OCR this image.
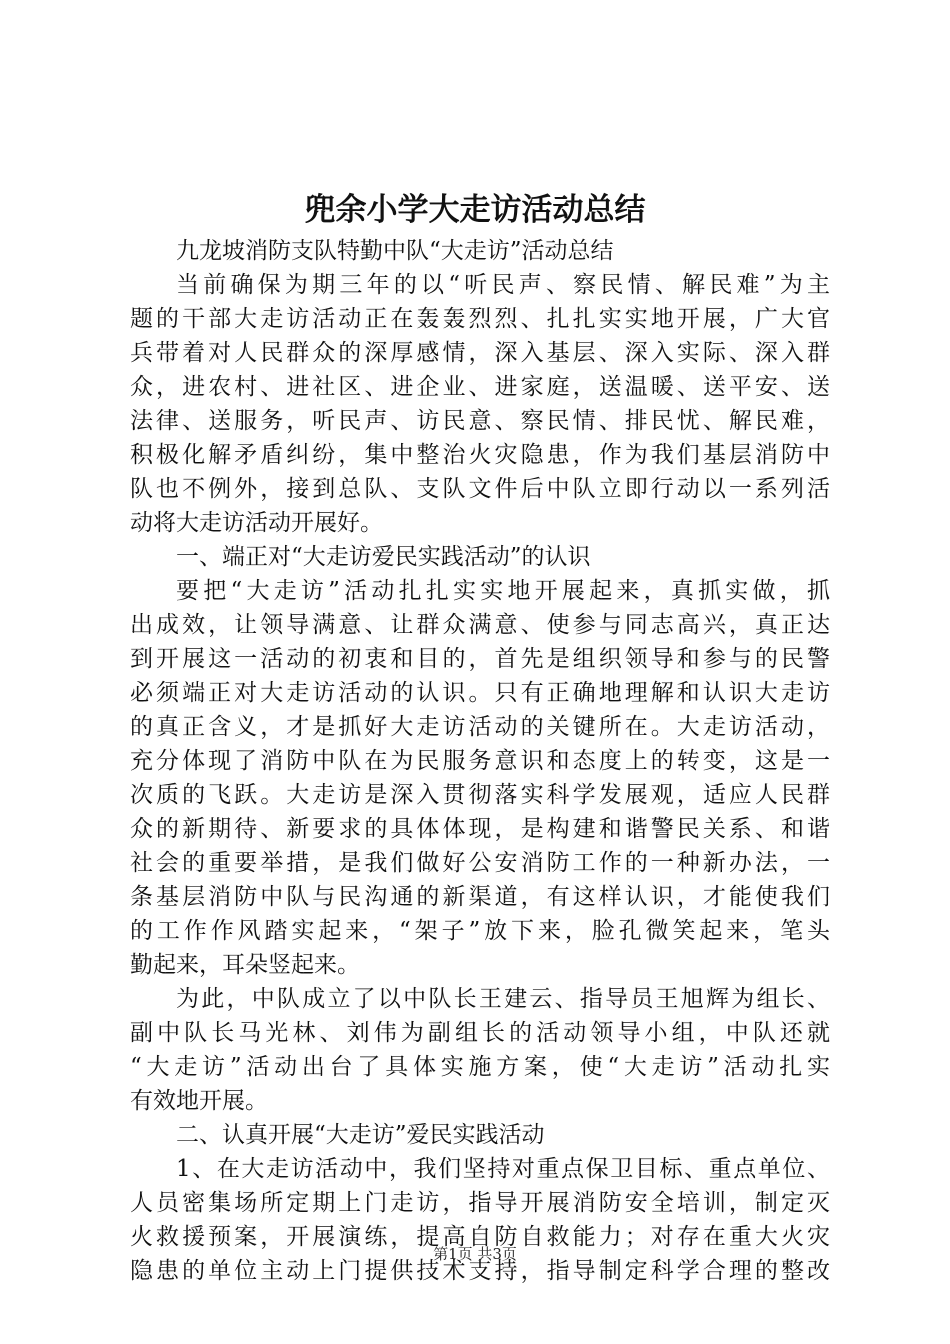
兜余小学大走访活动总结
九龙坡消防支队特勤中队“大走访”活动总结
当前确保为期三年的以“听民声、察民情、解民难”为主
题的干部大走访活动正在轰轰烈烈、扎扎实实地开展，广大官
兵带着对人民群众的深厚感情，深入基层、深入实际、深入群
众，进农村、进社区、进企业、进家庭，送温暖、送平安、送
法律、送服务，听民声、访民意、察民情、排民忧、解民难，
积极化解矛盾纠纷，集中整治火灾隐患，作为我们基层消防中
队也不例外，接到总队、支队文件后中队立即行动以一系列活
动将大走访活动开展好。
一、端正对“大走访爱民实践活动”的认识
要把“大走访”活动扎扎实实地开展起来，真抓实做，抓
出成效，让领导满意、让群众满意、使参与同志高兴，真正达
到开展这一活动的初衷和目的，首先是组织领导和参与的民警
必须端正对大走访活动的认识。只有正确地理解和认识大走访
的真正含义，才是抓好大走访活动的关键所在。大走访活动，
充分体现了消防中队在为民服务意识和态度上的转变，这是一
次质的飞跃。大走访是深入贯彻落实科学发展观，适应人民群
众的新期待、新要求的具体体现，是构建和谐警民关系、和谐
社会的重要举措，是我们做好公安消防工作的一种新办法，一
条基层消防中队与民沟通的新渠道，有这样认识，才能使我们
的工作作风踏实起来，“架子”放下来，脸孔微笑起来，笔头
勤起来，耳朵竖起来。
为此，中队成立了以中队长王建云、指导员王旭辉为组长、
副中队长马光林、刘伟为副组长的活动领导小组，中队还就
“大走访”活动出台了具体实施方案，使“大走访”活动扎实
有效地开展。
二、认真开展“大走访”爱民实践活动
1、在大走访活动中，我们坚持对重点保卫目标、重点单位、
人员密集场所定期上门走访，指导开展消防安全培训，制定灭
火救援预案，开展演练，提高自防自救能力；对存在重大火灾
隐患的单位主动上门提供技术支持，指导制定科学合理的整改
第1页 共3页
